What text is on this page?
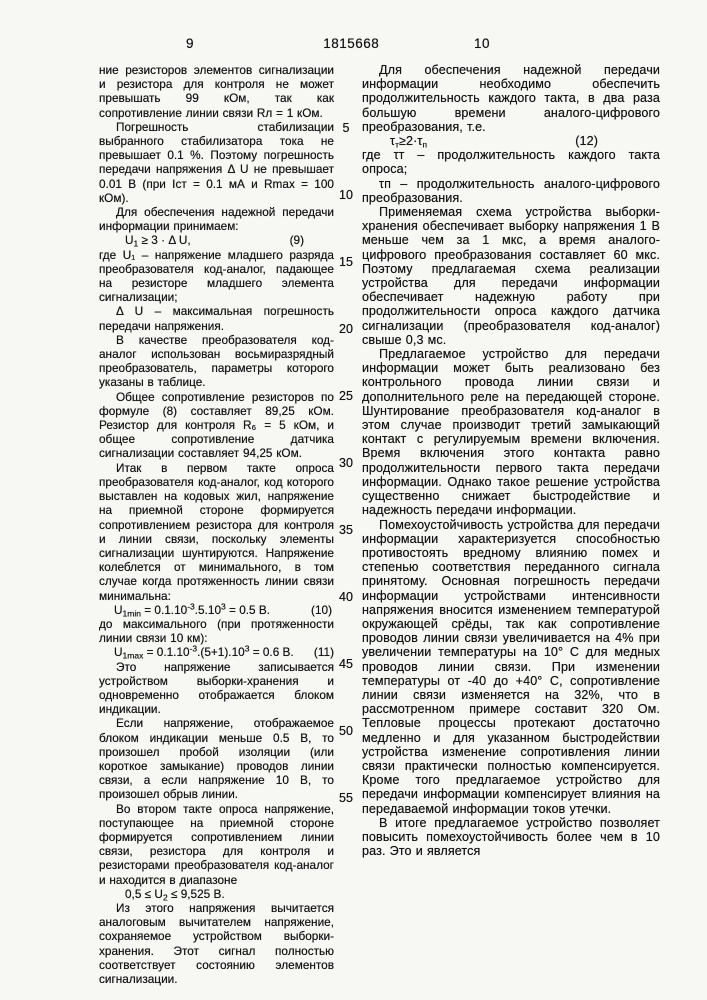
9	1815668	10
5
10
15
20
25
30
35
40
45
50
55
ние резисторов элементов сигнализации и резистора для контроля не может превышать 99 кОм, так как сопротивление линии связи Rл = 1 кОм.
Погрешность стабилизации выбранного стабилизатора тока не превышает 0.1 %. Поэтому погрешность передачи напряжения Δ U не превышает 0.01 В (при Iст = 0.1 мА и Rmax = 100 кОм).
Для обеспечения надежной передачи информации принимаем:
$U_1 \ge 3 \cdot \Delta$ U,	(9)
где U₁ – напряжение младшего разряда преобразователя код-аналог, падающее на резисторе младшего элемента сигнализации;
Δ U – максимальная погрешность передачи напряжения.
В качестве преобразователя код-аналог использован восьмиразрядный преобразователь, параметры которого указаны в таблице.
Общее сопротивление резисторов по формуле (8) составляет 89,25 кОм. Резистор для контроля R₆ = 5 кОм, и общее сопротивление датчика сигнализации составляет 94,25 кОм.
Итак в первом такте опроса преобразователя код-аналог, код которого выставлен на кодовых жил, напряжение на приемной стороне формируется сопротивлением резистора для контроля и линии связи, поскольку элементы сигнализации шунтируются. Напряжение колеблется от минимального, в том случае когда протяженность линии связи минимальна:
$U_{1min} = 0.1.10^{-3}.5.10^3 = 0.5$ В.	(10)
до максимального (при протяженности линии связи 10 км):
$U_{1max} = 0.1.10^{-3}.(5+1).10^3 = 0.6$ В. (11)
Это напряжение записывается устройством выборки-хранения и одновременно отображается блоком индикации.
Если напряжение, отображаемое блоком индикации меньше 0.5 В, то произошел пробой изоляции (или короткое замыкание) проводов линии связи, а если напряжение 10 В, то произошел обрыв линии.
Во втором такте опроса напряжение, поступающее на приемной стороне формируется сопротивлением линии связи, резистора для контроля и резисторами преобразователя код-аналог и находится в диапазоне
$0,5 \le U_2 \le 9,525$ В.
Из этого напряжения вычитается аналоговым вычитателем напряжение, сохраняемое устройством выборки-хранения. Этот сигнал полностью соответствует состоянию элементов сигнализации.
Для обеспечения надежной передачи информации необходимо обеспечить продолжительность каждого такта, в два раза большую времени аналого-цифрового преобразования, т.е.
$\tau_т\ge 2\cdot\tau_п$	(12)
где τт – продолжительность каждого такта опроса;
τп – продолжительность аналого-цифрового преобразования.
Применяемая схема устройства выборки-хранения обеспечивает выборку напряжения 1 В меньше чем за 1 мкс, а время аналого-цифрового преобразования составляет 60 мкс. Поэтому предлагаемая схема реализации устройства для передачи информации обеспечивает надежную работу при продолжительности опроса каждого датчика сигнализации (преобразователя код-аналог) свыше 0,3 мс.
Предлагаемое устройство для передачи информации может быть реализовано без контрольного провода линии связи и дополнительного реле на передающей стороне. Шунтирование преобразователя код-аналог в этом случае производит третий замыкающий контакт с регулируемым времени включения. Время включения этого контакта равно продолжительности первого такта передачи информации. Однако такое решение устройства существенно снижает быстродействие и надежность передачи информации.
Помехоустойчивость устройства для передачи информации характеризуется способностью противостоять вредному влиянию помех и степенью соответствия переданного сигнала принятому. Основная погрешность передачи информации устройствами интенсивности напряжения вносится изменением температурой окружающей срёды, так как сопротивление проводов линии связи увеличивается на 4% при увеличении температуры на 10° С для медных проводов линии связи. При изменении температуры от -40 до +40° С, сопротивление линии связи изменяется на 32%, что в рассмотренном примере составит 320 Ом. Тепловые процессы протекают достаточно медленно и для указанном быстродействии устройства изменение сопротивления линии связи практически полностью компенсируется. Кроме того предлагаемое устройство для передачи информации компенсирует влияния на передаваемой информации токов утечки.
В итоге предлагаемое устройство позволяет повысить помехоустойчивость более чем в 10 раз. Это и является
